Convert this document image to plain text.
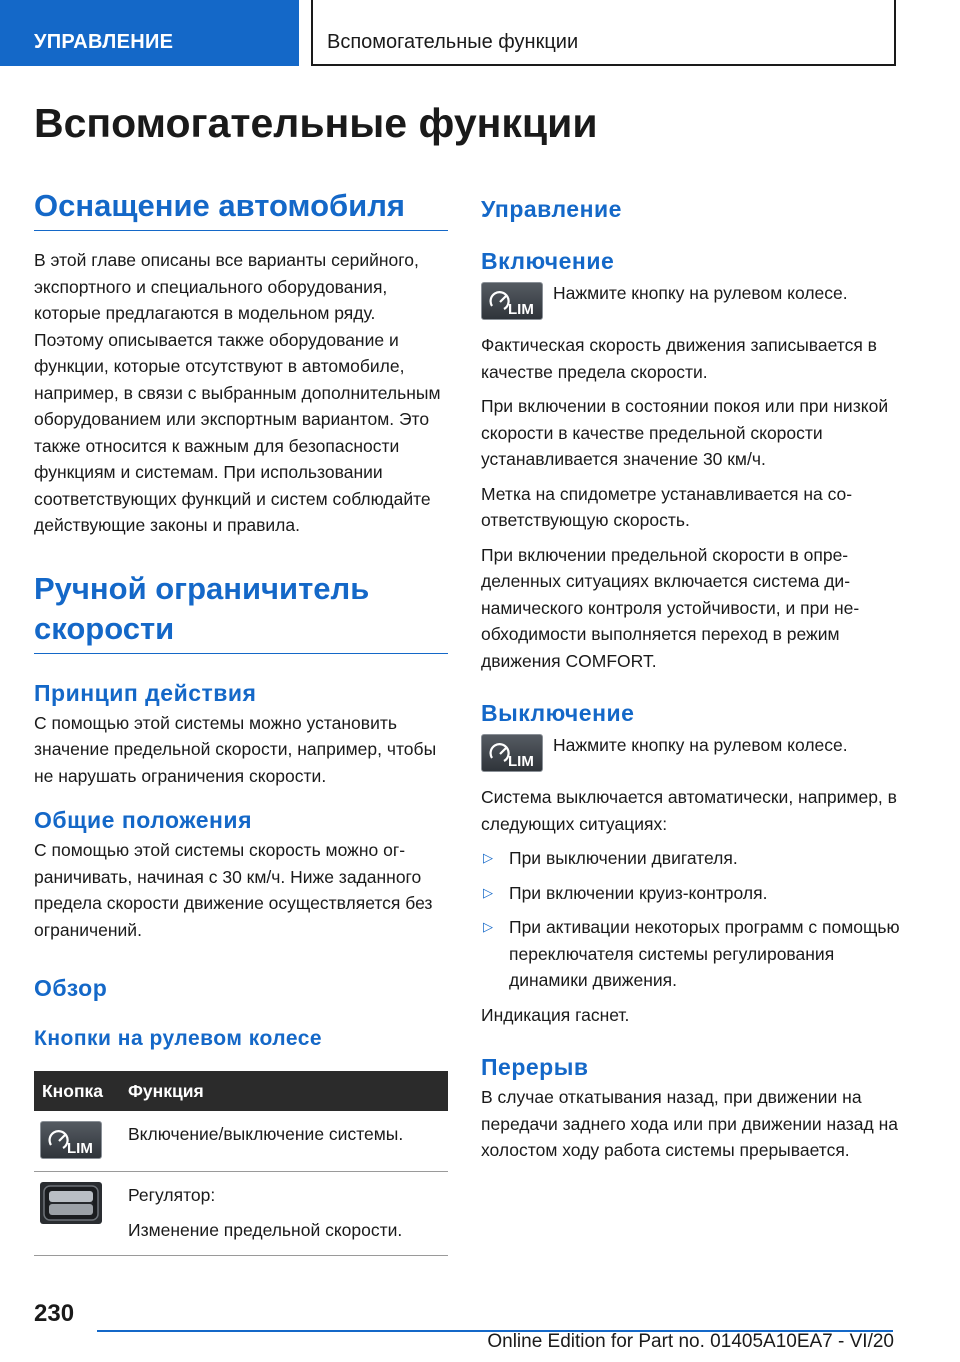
УПРАВЛЕНИЕ	Вспомогательные функции
Вспомогательные функции
Оснащение автомобиля
В этой главе описаны все варианты серийного, экспортного и специального оборудования, которые предлагаются в модельном ряду. Поэтому описывается также оборудование и функции, которые отсутствуют в автомобиле, например, в связи с выбранным дополнительным оборудованием или экспортным вариантом. Это также относится к важным для безопасности функциям и системам. При использовании соответствующих функций и систем соблюдайте действующие законы и правила.
Ручной ограничитель скорости
Принцип действия
С помощью этой системы можно установить значение предельной скорости, например, чтобы не нарушать ограничения скорости.
Общие положения
С помощью этой системы скорость можно ограничивать, начиная с 30 км/ч. Ниже заданного предела скорости движение осуществляется без ограничений.
Обзор
Кнопки на рулевом колесе
Кнопка	Функция

LIM	Включение/выключение системы.

Регулятор:
Изменение предельной скорости.
Управление
Включение
LIM
Нажмите кнопку на рулевом колесе.
Фактическая скорость движения записывается в качестве предела скорости.
При включении в состоянии покоя или при низкой скорости в качестве предельной скорости устанавливается значение 30 км/ч.
Метка на спидометре устанавливается на соответствующую скорость.
При включении предельной скорости в определенных ситуациях включается система динамического контроля устойчивости, и при необходимости выполняется переход в режим движения COMFORT.
Выключение
LIM
Нажмите кнопку на рулевом колесе.
Система выключается автоматически, например, в следующих ситуациях:
▷ При выключении двигателя.
▷ При включении круиз-контроля.
▷ При активации некоторых программ с помощью переключателя системы регулирования динамики движения.
Индикация гаснет.
Перерыв
В случае откатывания назад, при движении на передачи заднего хода или при движении назад на холостом ходу работа системы прерывается.
230
Online Edition for Part no. 01405A10EA7 - VI/20
